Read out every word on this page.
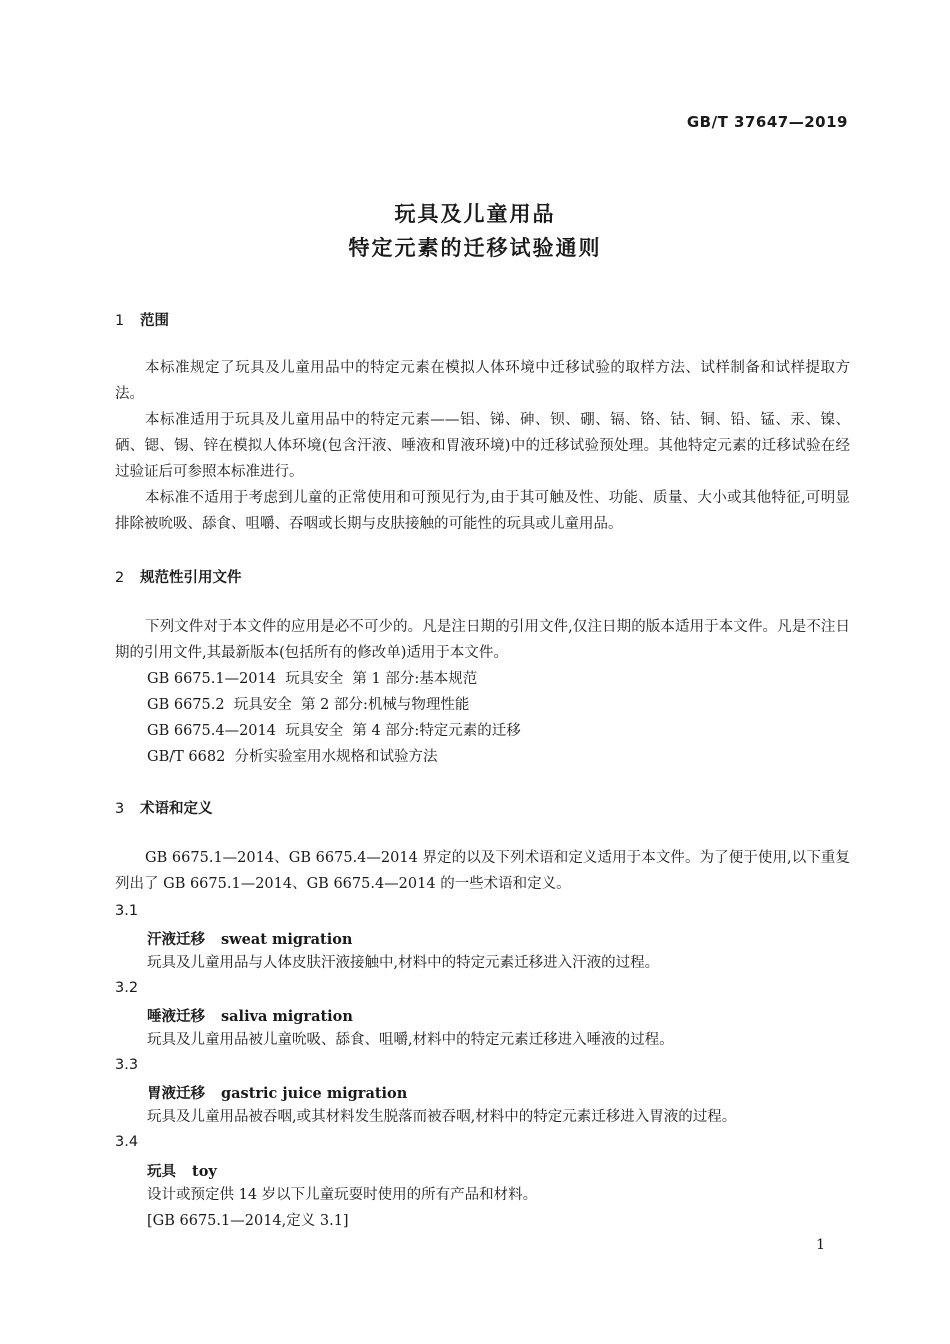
GB/T 37647—2019
玩具及儿童用品
特定元素的迁移试验通则
1 范围
本标准规定了玩具及儿童用品中的特定元素在模拟人体环境中迁移试验的取样方法、试样制备和试样提取方法。
本标准适用于玩具及儿童用品中的特定元素——铝、锑、砷、钡、硼、镉、铬、钴、铜、铅、锰、汞、镍、硒、锶、锡、锌在模拟人体环境(包含汗液、唾液和胃液环境)中的迁移试验预处理。其他特定元素的迁移试验在经过验证后可参照本标准进行。
本标准不适用于考虑到儿童的正常使用和可预见行为,由于其可触及性、功能、质量、大小或其他特征,可明显排除被吮吸、舔食、咀嚼、吞咽或长期与皮肤接触的可能性的玩具或儿童用品。
2 规范性引用文件
下列文件对于本文件的应用是必不可少的。凡是注日期的引用文件,仅注日期的版本适用于本文件。凡是不注日期的引用文件,其最新版本(包括所有的修改单)适用于本文件。
GB 6675.1—2014  玩具安全  第 1 部分:基本规范
GB 6675.2  玩具安全  第 2 部分:机械与物理性能
GB 6675.4—2014  玩具安全  第 4 部分:特定元素的迁移
GB/T 6682  分析实验室用水规格和试验方法
3 术语和定义
GB 6675.1—2014、GB 6675.4—2014 界定的以及下列术语和定义适用于本文件。为了便于使用,以下重复列出了 GB 6675.1—2014、GB 6675.4—2014 的一些术语和定义。
3.1
汗液迁移 sweat migration
玩具及儿童用品与人体皮肤汗液接触中,材料中的特定元素迁移进入汗液的过程。
3.2
唾液迁移 saliva migration
玩具及儿童用品被儿童吮吸、舔食、咀嚼,材料中的特定元素迁移进入唾液的过程。
3.3
胃液迁移 gastric juice migration
玩具及儿童用品被吞咽,或其材料发生脱落而被吞咽,材料中的特定元素迁移进入胃液的过程。
3.4
玩具 toy
设计或预定供 14 岁以下儿童玩耍时使用的所有产品和材料。
[GB 6675.1—2014,定义 3.1]
1
